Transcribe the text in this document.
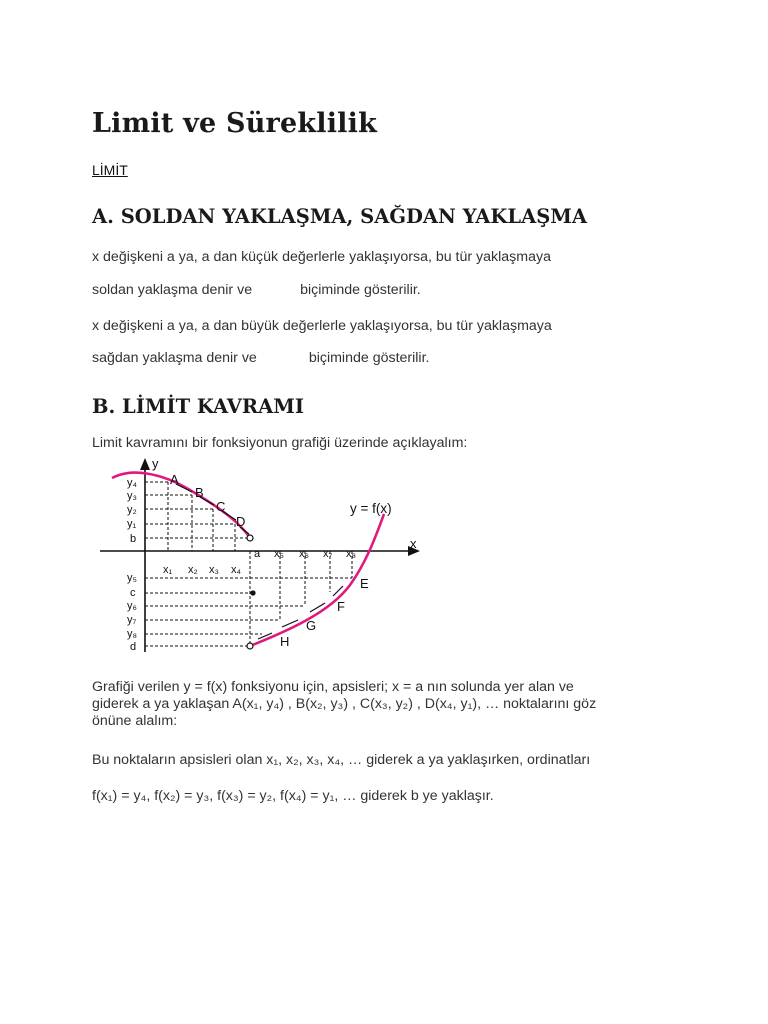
Limit ve Süreklilik
LİMİT
A. SOLDAN YAKLAŞMA, SAĞDAN YAKLAŞMA
x değişkeni a ya, a dan küçük değerlerle yaklaşıyorsa, bu tür yaklaşmaya
soldan yaklaşma denir ve	biçiminde gösterilir.
x değişkeni a ya, a dan büyük değerlerle yaklaşıyorsa, bu tür yaklaşmaya
sağdan yaklaşma denir ve	biçiminde gösterilir.
B. LİMİT KAVRAMI
Limit kavramını bir fonksiyonun grafiği üzerinde açıklayalım:
y₄
y₃
y₂
y₁
b
y₅
c
y₆
y₇
y₈
d
x₁ x₂ x₃ x₄
a x₅ x₆ x₇ x₈
A
B
C
D
E
F
G
H
y
x
y = f(x)
Grafiği verilen y = f(x) fonksiyonu için, apsisleri; x = a nın solunda yer alan ve
giderek a ya yaklaşan A(x₁, y₄) , B(x₂, y₃) , C(x₃, y₂) , D(x₄, y₁), … noktalarını göz
önüne alalım:
Bu noktaların apsisleri olan x₁, x₂, x₃, x₄, … giderek a ya yaklaşırken, ordinatları
f(x₁) = y₄, f(x₂) = y₃, f(x₃) = y₂, f(x₄) = y₁, … giderek b ye yaklaşır.
